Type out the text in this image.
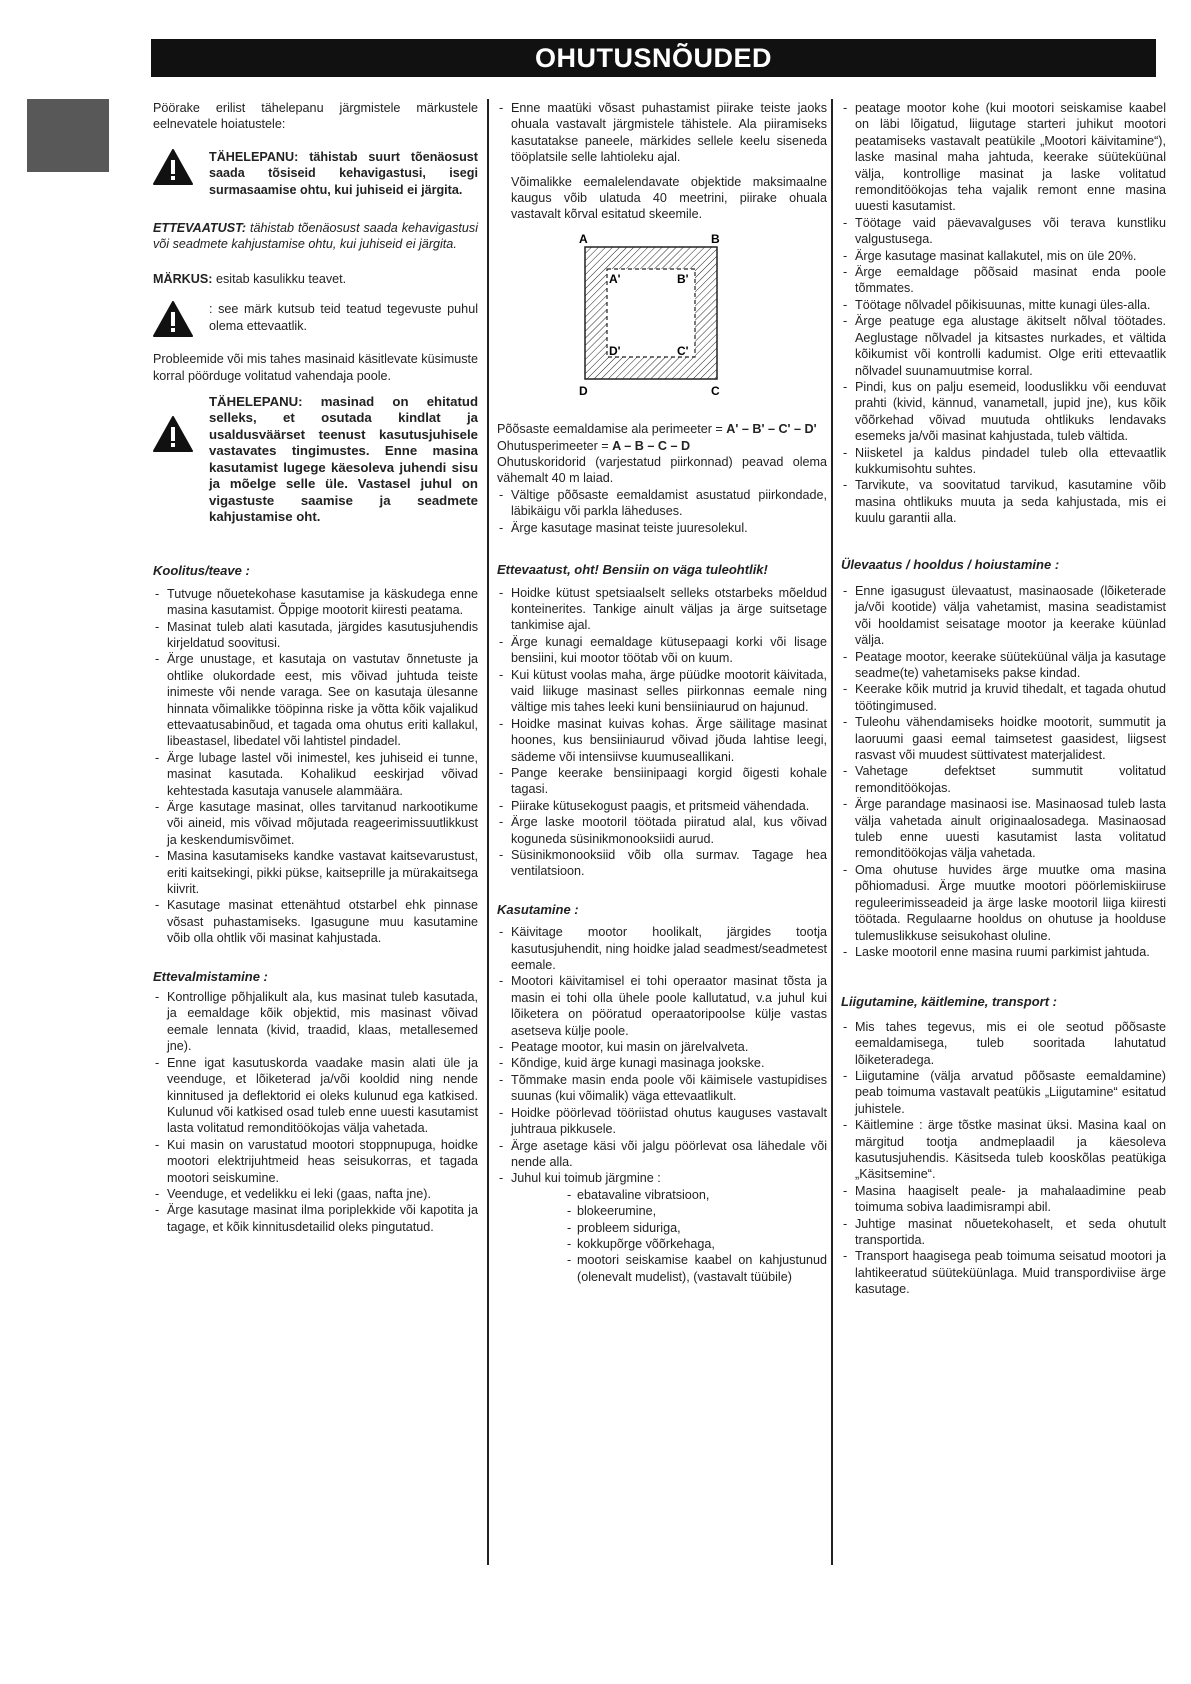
OHUTUSNÕUDED

Pöörake erilist tähelepanu järgmistele märkustele eelnevatele hoiatustele:

TÄHELEPANU: tähistab suurt tõenäosust saada tõsiseid kehavigastusi, isegi surmasaamise ohtu, kui juhiseid ei järgita.

ETTEVAATUST: tähistab tõenäosust saada kehavigastusi või seadmete kahjustamise ohtu, kui juhiseid ei järgita.

MÄRKUS: esitab kasulikku teavet.

: see märk kutsub teid teatud tegevuste puhul olema ettevaatlik.

Probleemide või mis tahes masinaid käsitlevate küsimuste korral pöörduge volitatud vahendaja poole.

TÄHELEPANU: masinad on ehitatud selleks, et osutada kindlat ja usaldusväärset teenust kasutusjuhisele vastavates tingimustes. Enne masina kasutamist lugege käesoleva juhendi sisu ja mõelge selle üle. Vastasel juhul on vigastuste saamise ja seadmete kahjustamise oht.

Koolitus/teave :

- Tutvuge nõuetekohase kasutamise ja käskudega enne masina kasutamist. Õppige mootorit kiiresti peatama.
- Masinat tuleb alati kasutada, järgides kasutusjuhendis kirjeldatud soovitusi.
- Ärge unustage, et kasutaja on vastutav õnnetuste ja ohtlike olukordade eest, mis võivad juhtuda teiste inimeste või nende varaga. See on kasutaja ülesanne hinnata võimalikke tööpinna riske ja võtta kõik vajalikud ettevaatusabinõud, et tagada oma ohutus eriti kallakul, libeastasel, libedatel või lahtistel pindadel.
- Ärge lubage lastel või inimestel, kes juhiseid ei tunne, masinat kasutada. Kohalikud eeskirjad võivad kehtestada kasutaja vanusele alammäära.
- Ärge kasutage masinat, olles tarvitanud narkootikume või aineid, mis võivad mõjutada reageerimissuutlikkust ja keskendumisvõimet.
- Masina kasutamiseks kandke vastavat kaitsevarustust, eriti kaitsekingi, pikki pükse, kaitseprille ja mürakaitsega kiivrit.
- Kasutage masinat ettenähtud otstarbel ehk pinnase võsast puhastamiseks. Igasugune muu kasutamine võib olla ohtlik või masinat kahjustada.

Ettevalmistamine :

- Kontrollige põhjalikult ala, kus masinat tuleb kasutada, ja eemaldage kõik objektid, mis masinast võivad eemale lennata (kivid, traadid, klaas, metallesemed jne).
- Enne igat kasutuskorda vaadake masin alati üle ja veenduge, et lõiketerad ja/või kooldid ning nende kinnitused ja deflektorid ei oleks kulunud ega katkised. Kulunud või katkised osad tuleb enne uuesti kasutamist lasta volitatud remonditöökojas välja vahetada.
- Kui masin on varustatud mootori stoppnupuga, hoidke mootori elektrijuhtmeid heas seisukorras, et tagada mootori seiskumine.
- Veenduge, et vedelikku ei leki (gaas, nafta jne).
- Ärge kasutage masinat ilma poriplekkide või kapotita ja tagage, et kõik kinnitusdetailid oleks pingutatud.
- Enne maatüki võsast puhastamist piirake teiste jaoks ohuala vastavalt järgmistele tähistele. Ala piiramiseks kasutatakse paneele, märkides sellele keelu siseneda tööplatsile selle lahtioleku ajal.

Võimalikke eemalelendavate objektide maksimaalne kaugus võib ulatuda 40 meetrini, piirake ohuala vastavalt kõrval esitatud skeemile.

A	B
A'	B'
D'	C'
D	C

Põõsaste eemaldamise ala perimeeter = A' – B' – C' – D'

Ohutusperimeeter = A – B – C – D

Ohutuskoridorid (varjestatud piirkonnad) peavad olema vähemalt 40 m laiad.

- Vältige põõsaste eemaldamist asustatud piirkondade, läbikäigu või parkla läheduses.
- Ärge kasutage masinat teiste juuresolekul.

Ettevaatust, oht! Bensiin on väga tuleohtlik!

- Hoidke kütust spetsiaalselt selleks otstarbeks mõeldud konteinerites. Tankige ainult väljas ja ärge suitsetage tankimise ajal.
- Ärge kunagi eemaldage kütusepaagi korki või lisage bensiini, kui mootor töötab või on kuum.
- Kui kütust voolas maha, ärge püüdke mootorit käivitada, vaid liikuge masinast selles piirkonnas eemale ning vältige mis tahes leeki kuni bensiiniaurud on hajunud.
- Hoidke masinat kuivas kohas. Ärge säilitage masinat hoones, kus bensiiniaurud võivad jõuda lahtise leegi, sädeme või intensiivse kuumuseallikani.
- Pange keerake bensiinipaagi korgid õigesti kohale tagasi.
- Piirake kütusekogust paagis, et pritsmeid vähendada.
- Ärge laske mootoril töötada piiratud alal, kus võivad koguneda süsinikmonooksiidi aurud.
- Süsinikmonooksiid võib olla surmav. Tagage hea ventilatsioon.

Kasutamine :

- Käivitage mootor hoolikalt, järgides tootja kasutusjuhendit, ning hoidke jalad seadmest/seadmetest eemale.
- Mootori käivitamisel ei tohi operaator masinat tõsta ja masin ei tohi olla ühele poole kallutatud, v.a juhul kui lõiketera on pööratud operaatoripoolse külje vastas asetseva külje poole.
- Peatage mootor, kui masin on järelvalveta.
- Kõndige, kuid ärge kunagi masinaga jookske.
- Tõmmake masin enda poole või käimisele vastupidises suunas (kui võimalik) väga ettevaatlikult.
- Hoidke pöörlevad tööriistad ohutus kauguses vastavalt juhtraua pikkusele.
- Ärge asetage käsi või jalgu pöörlevat osa lähedale või nende alla.
- Juhul kui toimub järgmine :
- ebatavaline vibratsioon,
- blokeerumine,
- probleem siduriga,
- kokkupõrge võõrkehaga,
- mootori seiskamise kaabel on kahjustunud (olenevalt mudelist), (vastavalt tüübile)
- peatage mootor kohe (kui mootori seiskamise kaabel on läbi lõigatud, liigutage starteri juhikut mootori peatamiseks vastavalt peatükile „Mootori käivitamine“), laske masinal maha jahtuda, keerake süüteküünal välja, kontrollige masinat ja laske volitatud remonditöökojas teha vajalik remont enne masina uuesti kasutamist.
- Töötage vaid päevavalguses või terava kunstliku valgustusega.
- Ärge kasutage masinat kallakutel, mis on üle 20%.
- Ärge eemaldage põõsaid masinat enda poole tõmmates.
- Töötage nõlvadel põikisuunas, mitte kunagi üles-alla.
- Ärge peatuge ega alustage äkitselt nõlval töötades. Aeglustage nõlvadel ja kitsastes nurkades, et vältida kõikumist või kontrolli kadumist. Olge eriti ettevaatlik nõlvadel suunamuutmise korral.
- Pindi, kus on palju esemeid, looduslikku või eenduvat prahti (kivid, kännud, vanametall, jupid jne), kus kõik võõrkehad võivad muutuda ohtlikuks lendavaks esemeks ja/või masinat kahjustada, tuleb vältida.
- Niisketel ja kaldus pindadel tuleb olla ettevaatlik kukkumisohtu suhtes.
- Tarvikute, va soovitatud tarvikud, kasutamine võib masina ohtlikuks muuta ja seda kahjustada, mis ei kuulu garantii alla.

Ülevaatus / hooldus / hoiustamine :

- Enne igasugust ülevaatust, masinaosade (lõiketerade ja/või kootide) välja vahetamist, masina seadistamist või hooldamist seisatage mootor ja keerake küünlad välja.
- Peatage mootor, keerake süüteküünal välja ja kasutage seadme(te) vahetamiseks pakse kindad.
- Keerake kõik mutrid ja kruvid tihedalt, et tagada ohutud töötingimused.
- Tuleohu vähendamiseks hoidke mootorit, summutit ja laoruumi gaasi eemal taimsetest gaasidest, liigsest rasvast või muudest süttivatest materjalidest.
- Vahetage defektset summutit volitatud remonditöökojas.
- Ärge parandage masinaosi ise. Masinaosad tuleb lasta välja vahetada ainult originaalosadega. Masinaosad tuleb enne uuesti kasutamist lasta volitatud remonditöökojas välja vahetada.
- Oma ohutuse huvides ärge muutke oma masina põhiomadusi. Ärge muutke mootori pöörlemiskiiruse reguleerimisseadeid ja ärge laske mootoril liiga kiiresti töötada. Regulaarne hooldus on ohutuse ja hoolduse tulemuslikkuse seisukohast oluline.
- Laske mootoril enne masina ruumi parkimist jahtuda.

Liigutamine, käitlemine, transport :

- Mis tahes tegevus, mis ei ole seotud põõsaste eemaldamisega, tuleb sooritada lahutatud lõiketeradega.
- Liigutamine (välja arvatud põõsaste eemaldamine) peab toimuma vastavalt peatükis „Liigutamine“ esitatud juhistele.
- Käitlemine : ärge tõstke masinat üksi. Masina kaal on märgitud tootja andmeplaadil ja käesoleva kasutusjuhendis. Käsitseda tuleb kooskõlas peatükiga „Käsitsemine“.
- Masina haagiselt peale- ja mahalaadimine peab toimuma sobiva laadimisrampi abil.
- Juhtige masinat nõuetekohaselt, et seda ohutult transportida.
- Transport haagisega peab toimuma seisatud mootori ja lahtikeeratud süüteküünlaga. Muid transpordiviise ärge kasutage.
